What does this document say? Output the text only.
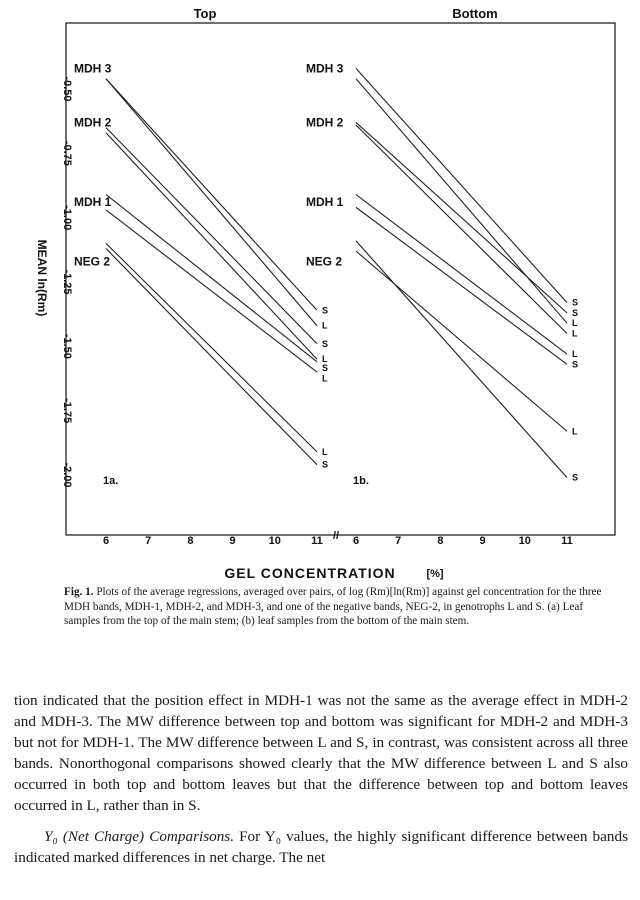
Top	Bottom
MEAN ln(Rm)
GEL CONCENTRATION	[%]
//
1a.
6	7	8	9	10	11
-0.50
-0.75
-1.00
-1.25
-1.50
-1.75
-2.00
MDH 3
MDH 2
MDH 1
NEG 2
S
L
S
L
S
L
L
S
1b.
6	7	8	9	10	11
MDH 3
MDH 2
MDH 1
NEG 2
S
S
L
L
L
S
L
S
Fig. 1. Plots of the average regressions, averaged over pairs, of log (Rm)[ln(Rm)] against gel concentration for the three MDH bands, MDH-1, MDH-2, and MDH-3, and one of the negative bands, NEG-2, in genotrophs L and S. (a) Leaf samples from the top of the main stem; (b) leaf samples from the bottom of the main stem.

tion indicated that the position effect in MDH-1 was not the same as the average effect in MDH-2 and MDH-3. The MW difference between top and bottom was significant for MDH-2 and MDH-3 but not for MDH-1. The MW difference between L and S, in contrast, was consistent across all three bands. Nonorthogonal comparisons showed clearly that the MW difference between L and S also occurred in both top and bottom leaves but that the difference between top and bottom leaves occurred in L, rather than in S.

Y₀ (Net Charge) Comparisons. For Y₀ values, the highly significant difference between bands indicated marked differences in net charge. The net
